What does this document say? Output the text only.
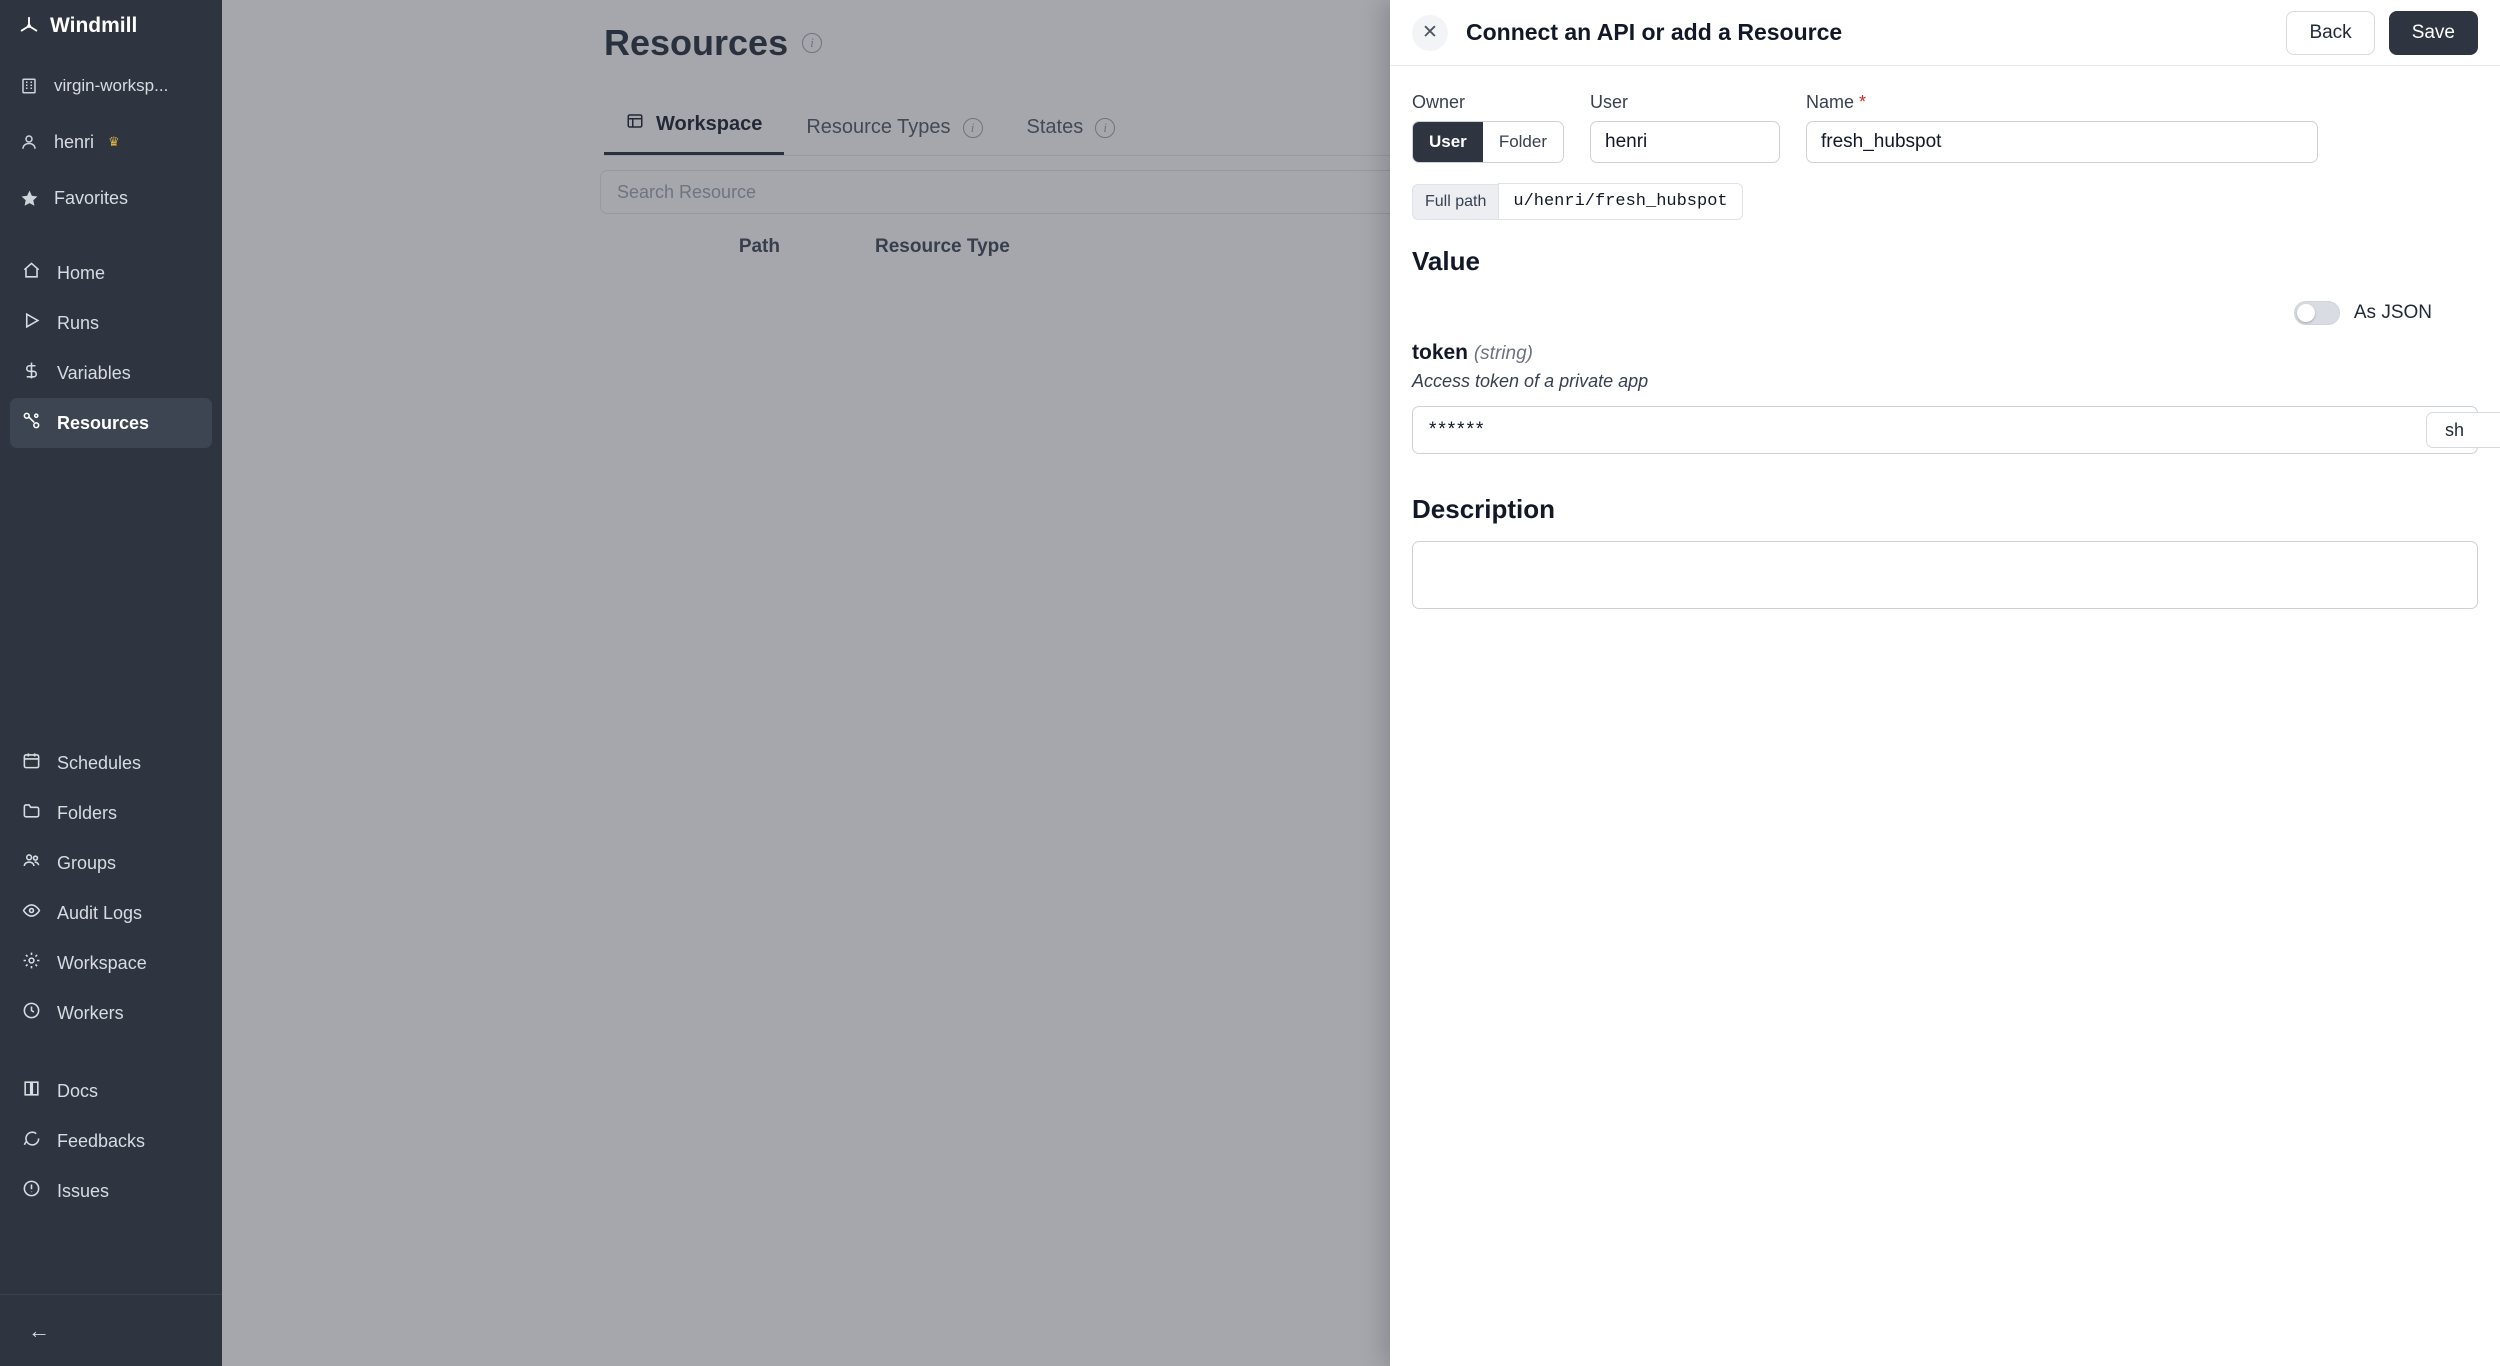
Windmill
virgin-worksp...
henri ♛
Favorites
Home
Runs
Variables
Resources
Schedules
Folders
Groups
Audit Logs
Workspace
Workers
Docs
Feedbacks
Issues
←
Resources	i
Workspace Resource Types	i	States	i
Search Resource
Path	Resource Type
✕	Connect an API or add a Resource	Back	Save
Owner
User	Folder
User
henri
Name *
fresh_hubspot
Full path	u/henri/fresh_hubspot
Value
As JSON
token (string)
Access token of a private app
******	sh
Description
